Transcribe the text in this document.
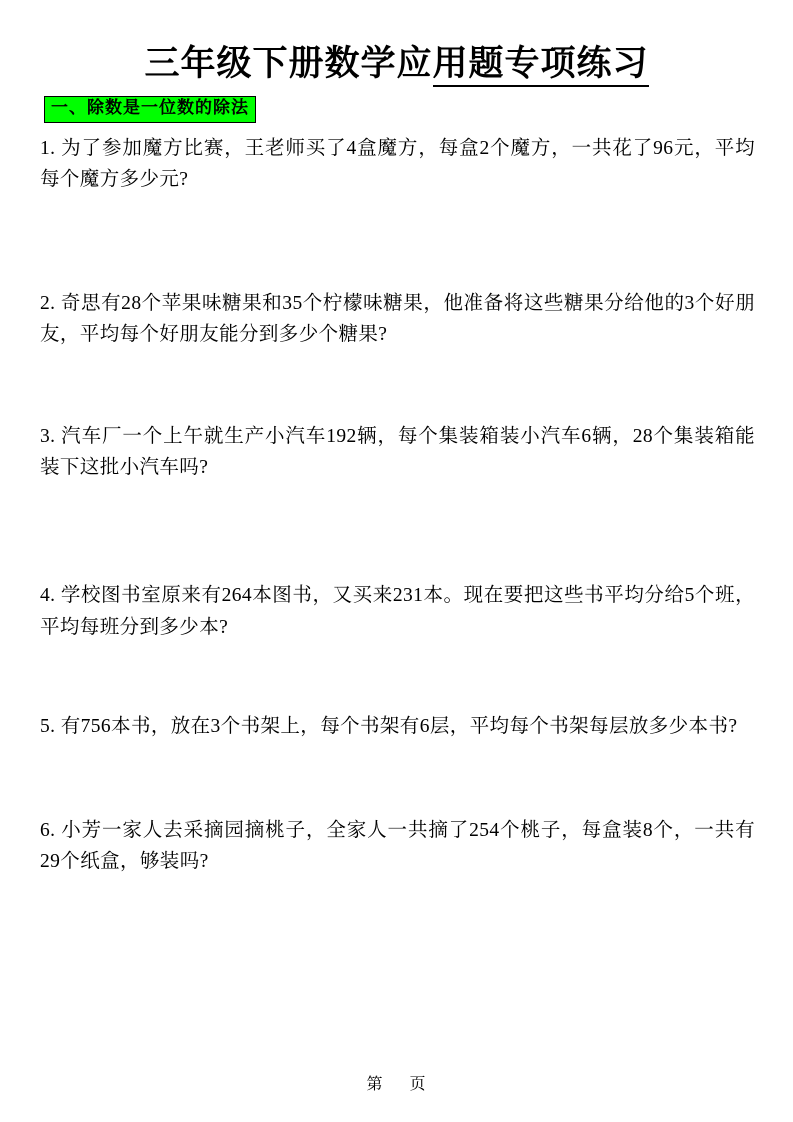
三年级下册数学应用题专项练习
一、除数是一位数的除法
1. 为了参加魔方比赛，王老师买了4盒魔方，每盒2个魔方，一共花了96元，平均每个魔方多少元?
2. 奇思有28个苹果味糖果和35个柠檬味糖果，他准备将这些糖果分给他的3个好朋友，平均每个好朋友能分到多少个糖果?
3. 汽车厂一个上午就生产小汽车192辆，每个集装箱装小汽车6辆，28个集装箱能装下这批小汽车吗?
4. 学校图书室原来有264本图书，又买来231本。现在要把这些书平均分给5个班，平均每班分到多少本?
5. 有756本书，放在3个书架上，每个书架有6层，平均每个书架每层放多少本书?
6. 小芳一家人去采摘园摘桃子，全家人一共摘了254个桃子，每盒装8个，一共有29个纸盒，够装吗?
第 页
